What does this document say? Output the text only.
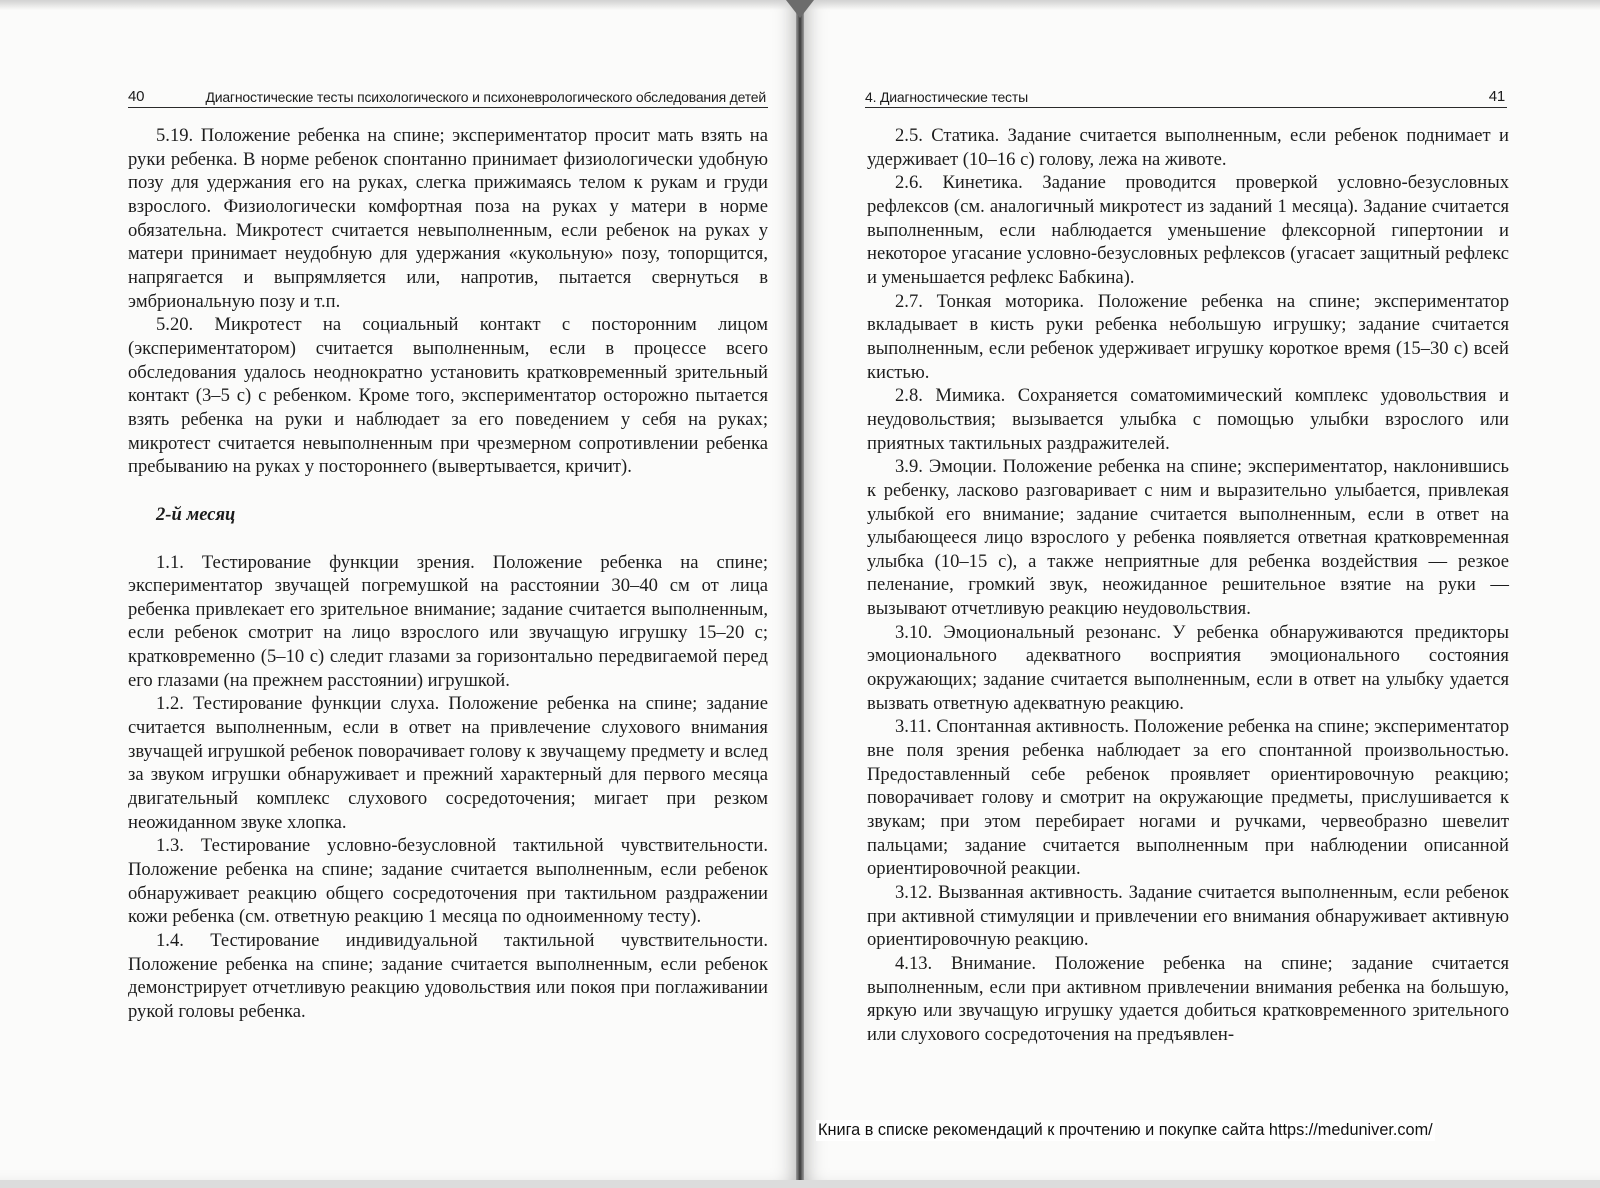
40	Диагностические тесты психологического и психоневрологического обследования детей

5.19. Положение ребенка на спине; экспериментатор просит мать взять на руки ребенка. В норме ребенок спонтанно принимает физиологически удобную позу для удержания его на руках, слегка прижимаясь телом к рукам и груди взрослого. Физиологически комфортная поза на руках у матери в норме обязательна. Микротест считается невыполненным, если ребенок на руках у матери принимает неудобную для удержания «кукольную» позу, топорщится, напрягается и выпрямляется или, напротив, пытается свернуться в эмбриональную позу и т.п.

5.20. Микротест на социальный контакт с посторонним лицом (экспериментатором) считается выполненным, если в процессе всего обследования удалось неоднократно установить кратковременный зрительный контакт (3–5 с) с ребенком. Кроме того, экспериментатор осторожно пытается взять ребенка на руки и наблюдает за его поведением у себя на руках; микротест считается невыполненным при чрезмерном сопротивлении ребенка пребыванию на руках у постороннего (вывертывается, кричит).

2-й месяц

1.1. Тестирование функции зрения. Положение ребенка на спине; экспериментатор звучащей погремушкой на расстоянии 30–40 см от лица ребенка привлекает его зрительное внимание; задание считается выполненным, если ребенок смотрит на лицо взрослого или звучащую игрушку 15–20 с; кратковременно (5–10 с) следит глазами за горизонтально передвигаемой перед его глазами (на прежнем расстоянии) игрушкой.

1.2. Тестирование функции слуха. Положение ребенка на спине; задание считается выполненным, если в ответ на привлечение слухового внимания звучащей игрушкой ребенок поворачивает голову к звучащему предмету и вслед за звуком игрушки обнаруживает и прежний характерный для первого месяца двигательный комплекс слухового сосредоточения; мигает при резком неожиданном звуке хлопка.

1.3. Тестирование условно-безусловной тактильной чувствительности. Положение ребенка на спине; задание считается выполненным, если ребенок обнаруживает реакцию общего сосредоточения при тактильном раздражении кожи ребенка (см. ответную реакцию 1 месяца по одноименному тесту).

1.4. Тестирование индивидуальной тактильной чувствительности. Положение ребенка на спине; задание считается выполненным, если ребенок демонстрирует отчетливую реакцию удовольствия или покоя при поглаживании рукой головы ребенка.

4. Диагностические тесты	41

2.5. Статика. Задание считается выполненным, если ребенок поднимает и удерживает (10–16 с) голову, лежа на животе.

2.6. Кинетика. Задание проводится проверкой условно-безусловных рефлексов (см. аналогичный микротест из заданий 1 месяца). Задание считается выполненным, если наблюдается уменьшение флексорной гипертонии и некоторое угасание условно-безусловных рефлексов (угасает защитный рефлекс и уменьшается рефлекс Бабкина).

2.7. Тонкая моторика. Положение ребенка на спине; экспериментатор вкладывает в кисть руки ребенка небольшую игрушку; задание считается выполненным, если ребенок удерживает игрушку короткое время (15–30 с) всей кистью.

2.8. Мимика. Сохраняется соматомимический комплекс удовольствия и неудовольствия; вызывается улыбка с помощью улыбки взрослого или приятных тактильных раздражителей.

3.9. Эмоции. Положение ребенка на спине; экспериментатор, наклонившись к ребенку, ласково разговаривает с ним и выразительно улыбается, привлекая улыбкой его внимание; задание считается выполненным, если в ответ на улыбающееся лицо взрослого у ребенка появляется ответная кратковременная улыбка (10–15 с), а также неприятные для ребенка воздействия — резкое пеленание, громкий звук, неожиданное решительное взятие на руки — вызывают отчетливую реакцию неудовольствия.

3.10. Эмоциональный резонанс. У ребенка обнаруживаются предикторы эмоционального адекватного восприятия эмоционального состояния окружающих; задание считается выполненным, если в ответ на улыбку удается вызвать ответную адекватную реакцию.

3.11. Спонтанная активность. Положение ребенка на спине; экспериментатор вне поля зрения ребенка наблюдает за его спонтанной произвольностью. Предоставленный себе ребенок проявляет ориентировочную реакцию; поворачивает голову и смотрит на окружающие предметы, прислушивается к звукам; при этом перебирает ногами и ручками, червеобразно шевелит пальцами; задание считается выполненным при наблюдении описанной ориентировочной реакции.

3.12. Вызванная активность. Задание считается выполненным, если ребенок при активной стимуляции и привлечении его внимания обнаруживает активную ориентировочную реакцию.

4.13. Внимание. Положение ребенка на спине; задание считается выполненным, если при активном привлечении внимания ребенка на большую, яркую или звучащую игрушку удается добиться кратковременного зрительного или слухового сосредоточения на предъявлен-

Книга в списке рекомендаций к прочтению и покупке сайта https://meduniver.com/
